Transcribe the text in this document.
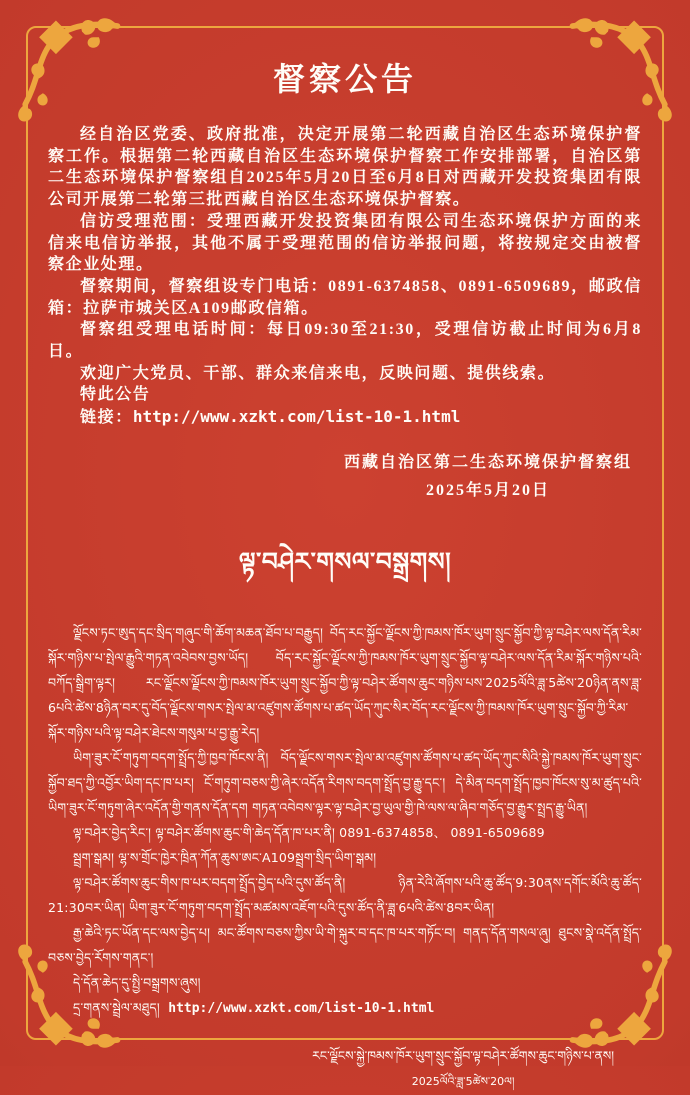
督察公告

经自治区党委、政府批准，决定开展第二轮西藏自治区生态环境保护督察工作。根据第二轮西藏自治区生态环境保护督察工作安排部署，自治区第二生态环境保护督察组自2025年5月20日至6月8日对西藏开发投资集团有限公司开展第二轮第三批西藏自治区生态环境保护督察。

信访受理范围：受理西藏开发投资集团有限公司生态环境保护方面的来信来电信访举报，其他不属于受理范围的信访举报问题，将按规定交由被督察企业处理。

督察期间，督察组设专门电话：0891-6374858、0891-6509689，邮政信箱：拉萨市城关区A109邮政信箱。

督察组受理电话时间：每日09:30至21:30，受理信访截止时间为6月8日。

欢迎广大党员、干部、群众来信来电，反映问题、提供线索。

特此公告

链接：http://www.xzkt.com/list-10-1.html

西藏自治区第二生态环境保护督察组
2025年5月20日
ལྟ་བཤེར་གསལ་བསྒྲགས།

ལྗོངས་ཏང་ཨུད་དང་སྲིད་གཞུང་གི་ཆོག་མཆན་ཐོབ་པ་བརྒྱུད། བོད་རང་སྐྱོང་ལྗོངས་ཀྱི་ཁམས་ཁོར་ཡུག་སྲུང་སྐྱོབ་ཀྱི་ལྟ་བཤེར་ལས་དོན་རིམ་སྐོར་གཉིས་པ་སྤེལ་རྒྱུའི་གཏན་འབེབས་བྱས་ཡོད། བོད་རང་སྐྱོང་ལྗོངས་ཀྱི་ཁམས་ཁོར་ཡུག་སྲུང་སྐྱོབ་ལྟ་བཤེར་ལས་དོན་རིམ་སྐོར་གཉིས་པའི་བཀོད་སྒྲིག་ལྟར། རང་ལྗོངས་ལྗོངས་ཀྱི་ཁམས་ཁོར་ཡུག་སྲུང་སྐྱོབ་ཀྱི་ལྟ་བཤེར་ཚོགས་ཆུང་གཉིས་པས་2025ལོའི་ཟླ་5ཚེས་20ཉིན་ནས་ཟླ་6པའི་ཚེས་8ཉིན་བར་དུ་བོད་ལྗོངས་གསར་སྤེལ་མ་འཛུགས་ཚོགས་པ་ཚད་ཡོད་ཀུང་སིར་བོད་རང་ལྗོངས་ཀྱི་ཁམས་ཁོར་ཡུག་སྲུང་སྐྱོབ་ཀྱི་རིམ་སྐོར་གཉིས་པའི་ལྟ་བཤེར་ཐེངས་གསུམ་པ་བྱ་རྒྱུ་རེད།

ཡིག་ཟུར་ངོ་གཏུག་བདག་སྤྲོད་ཀྱི་ཁྱབ་ཁོངས་ནི། བོད་ལྗོངས་གསར་སྤེལ་མ་འཛུགས་ཚོགས་པ་ཚད་ཡོད་ཀུང་སིའི་སྐྱེ་ཁམས་ཁོར་ཡུག་སྲུང་སྐྱོབ་ཐད་ཀྱི་འབྱོར་ཡིག་དང་ཁ་པར། ངོ་གཏུག་བཅས་ཀྱི་ཞེར་འདོན་རིགས་བདག་སྤྲོད་བྱ་རྒྱུ་དང་། དེ་མིན་བདག་སྤྲོད་ཁྱབ་ཁོངས་སུ་མ་ཚུད་པའི་ཡིག་ཟུར་ངོ་གཏུག་ཞེར་འདོན་གྱི་གནས་དོན་དག གཏན་འབེབས་ལྟར་ལྟ་བཤེར་བྱ་ཡུལ་གྱི་ཁེ་ལས་ལ་ཞིབ་གཅོད་བྱ་རྒྱུར་སྤྲད་རྒྱུ་ཡིན།

ལྟ་བཤེར་བྱེད་རིང་། ལྟ་བཤེར་ཚོགས་ཆུང་གི་ཆེད་དོན་ཁ་པར་ནི། 0891-6374858、 0891-6509689

སྦྲག་སྒམ། ལྷ་ས་གྲོང་ཁྱེར་ཁྲིན་ཀོན་ཆུས་ཨང་A109སྦྲག་སྲིད་ཡིག་སྒམ།

ལྟ་བཤེར་ཚོགས་ཆུང་གིས་ཁ་པར་བདག་སྤྲོད་བྱེད་པའི་དུས་ཚོད་ནི། ཉིན་རེའི་ཞོགས་པའི་ཆུ་ཚོད་9:30ནས་དགོང་མོའི་ཆུ་ཚོད་21:30བར་ཡིན། ཡིག་ཟུར་ངོ་གཏུག་བདག་སྤྲོད་མཚམས་འཇོག་པའི་དུས་ཚོད་ནི་ཟླ་6པའི་ཚེས་8བར་ཡིན།

རྒྱ་ཆེའི་ཏང་ཡོན་དང་ལས་བྱེད་པ། མང་ཚོགས་བཅས་ཀྱིས་ཡི་གེ་སྐུར་བ་དང་ཁ་པར་གཏོང་བ། གནད་དོན་གསལ་ཞུ། ཐུངས་སྣེ་འདོན་སྤྲོད་བཅས་བྱེད་རོགས་གནང་།

དེ་དོན་ཆེད་དུ་སྤྱི་བསྒྲགས་ཞུས།

དྲ་གནས་སྦྲེལ་མཐུད། http://www.xzkt.com/list-10-1.html

རང་ལྗོངས་སྐྱེ་ཁམས་ཁོར་ཡུག་སྲུང་སྐྱོབ་ལྟ་བཤེར་ཚོགས་ཆུང་གཉིས་པ་ནས།
2025ལོའི་ཟླ་5ཚེས་20ལ།
